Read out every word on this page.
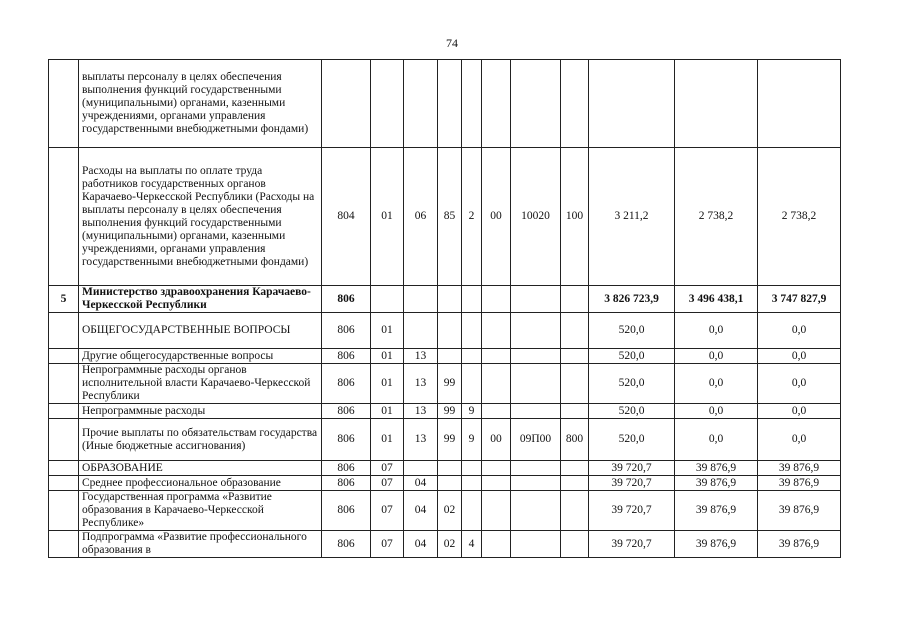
74
	выплаты персоналу в целях обеспечения выполнения функций государственными (муниципальными) органами, казенными учреждениями, органами управления государственными внебюджетными фондами)											
	Расходы на выплаты по оплате труда работников государственных органов Карачаево-Черкесской Республики (Расходы на выплаты персоналу в целях обеспечения выполнения функций государственными (муниципальными) органами, казенными учреждениями, органами управления государственными внебюджетными фондами)	804	01	06	85	2	00	10020	100	3 211,2	2 738,2	2 738,2
5	Министерство здравоохранения Карачаево-Черкесской Республики	806								3 826 723,9	3 496 438,1	3 747 827,9
	ОБЩЕГОСУДАРСТВЕННЫЕ ВОПРОСЫ	806	01							520,0	0,0	0,0
	Другие общегосударственные вопросы	806	01	13						520,0	0,0	0,0
	Непрограммные расходы органов исполнительной власти Карачаево-Черкесской Республики	806	01	13	99					520,0	0,0	0,0
	Непрограммные расходы	806	01	13	99	9				520,0	0,0	0,0
	Прочие выплаты по обязательствам государства (Иные бюджетные ассигнования)	806	01	13	99	9	00	09П00	800	520,0	0,0	0,0
	ОБРАЗОВАНИЕ	806	07							39 720,7	39 876,9	39 876,9
	Среднее профессиональное образование	806	07	04						39 720,7	39 876,9	39 876,9
	Государственная программа «Развитие образования в Карачаево-Черкесской Республике»	806	07	04	02					39 720,7	39 876,9	39 876,9
	Подпрограмма «Развитие профессионального образования в	806	07	04	02	4				39 720,7	39 876,9	39 876,9
